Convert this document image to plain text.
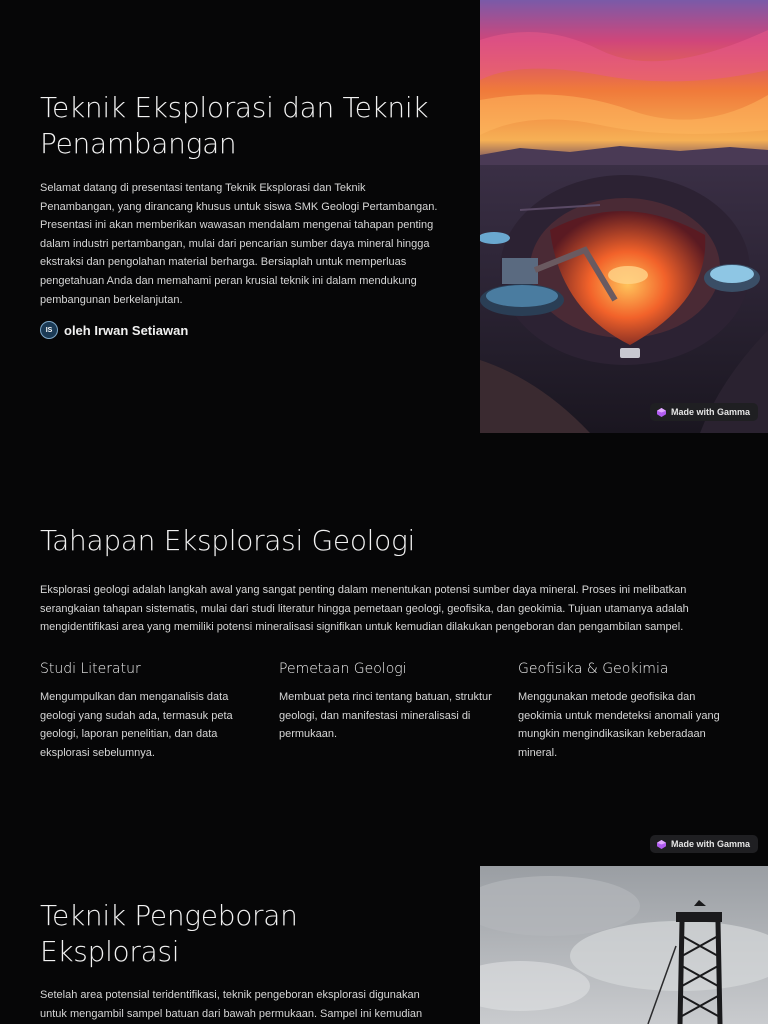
Teknik Eksplorasi dan Teknik Penambangan

Selamat datang di presentasi tentang Teknik Eksplorasi dan Teknik Penambangan, yang dirancang khusus untuk siswa SMK Geologi Pertambangan. Presentasi ini akan memberikan wawasan mendalam mengenai tahapan penting dalam industri pertambangan, mulai dari pencarian sumber daya mineral hingga ekstraksi dan pengolahan material berharga. Bersiaplah untuk memperluas pengetahuan Anda dan memahami peran krusial teknik ini dalam mendukung pembangunan berkelanjutan.

IS oleh Irwan Setiawan
Made with Gamma
Tahapan Eksplorasi Geologi

Eksplorasi geologi adalah langkah awal yang sangat penting dalam menentukan potensi sumber daya mineral. Proses ini melibatkan serangkaian tahapan sistematis, mulai dari studi literatur hingga pemetaan geologi, geofisika, dan geokimia. Tujuan utamanya adalah mengidentifikasi area yang memiliki potensi mineralisasi signifikan untuk kemudian dilakukan pengeboran dan pengambilan sampel.

Studi Literatur

Mengumpulkan dan menganalisis data geologi yang sudah ada, termasuk peta geologi, laporan penelitian, dan data eksplorasi sebelumnya.

Pemetaan Geologi

Membuat peta rinci tentang batuan, struktur geologi, dan manifestasi mineralisasi di permukaan.

Geofisika & Geokimia

Menggunakan metode geofisika dan geokimia untuk mendeteksi anomali yang mungkin mengindikasikan keberadaan mineral.

Made with Gamma
Teknik Pengeboran Eksplorasi

Setelah area potensial teridentifikasi, teknik pengeboran eksplorasi digunakan untuk mengambil sampel batuan dari bawah permukaan. Sampel ini kemudian
